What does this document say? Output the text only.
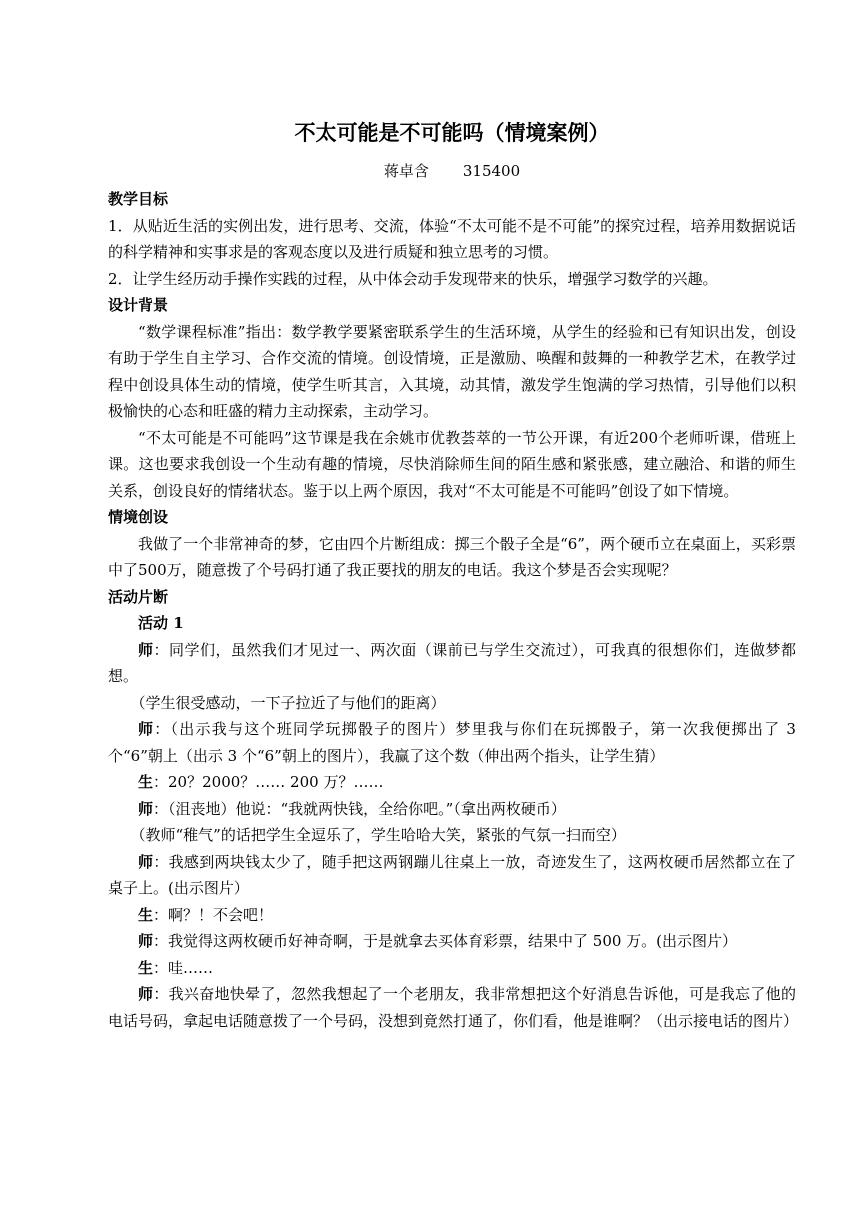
不太可能是不可能吗（情境案例）
蒋卓含 315400
教学目标

1．从贴近生活的实例出发，进行思考、交流，体验“不太可能不是不可能”的探究过程，培养用数据说话的科学精神和实事求是的客观态度以及进行质疑和独立思考的习惯。

2．让学生经历动手操作实践的过程，从中体会动手发现带来的快乐，增强学习数学的兴趣。

设计背景

“数学课程标准”指出：数学教学要紧密联系学生的生活环境，从学生的经验和已有知识出发，创设有助于学生自主学习、合作交流的情境。创设情境，正是激励、唤醒和鼓舞的一种教学艺术，在教学过程中创设具体生动的情境，使学生听其言，入其境，动其情，激发学生饱满的学习热情，引导他们以积极愉快的心态和旺盛的精力主动探索，主动学习。

“不太可能是不可能吗”这节课是我在余姚市优教荟萃的一节公开课，有近200个老师听课，借班上课。这也要求我创设一个生动有趣的情境，尽快消除师生间的陌生感和紧张感，建立融洽、和谐的师生关系，创设良好的情绪状态。鉴于以上两个原因，我对“不太可能是不可能吗”创设了如下情境。

情境创设

我做了一个非常神奇的梦，它由四个片断组成：掷三个骰子全是“6”，两个硬币立在桌面上，买彩票中了500万，随意拨了个号码打通了我正要找的朋友的电话。我这个梦是否会实现呢？

活动片断

活动 1

师：同学们，虽然我们才见过一、两次面（课前已与学生交流过），可我真的很想你们，连做梦都想。

（学生很受感动，一下子拉近了与他们的距离）

师：（出示我与这个班同学玩掷骰子的图片）梦里我与你们在玩掷骰子，第一次我便掷出了 3 个“6”朝上（出示 3 个“6”朝上的图片），我赢了这个数（伸出两个指头，让学生猜）

生：20？2000？…… 200 万？……

师：（沮丧地）他说：“我就两快钱，全给你吧。”（拿出两枚硬币）

（教师“稚气”的话把学生全逗乐了，学生哈哈大笑，紧张的气氛一扫而空）

师：我感到两块钱太少了，随手把这两钢蹦儿往桌上一放，奇迹发生了，这两枚硬币居然都立在了桌子上。(出示图片）

生：啊？！不会吧！

师：我觉得这两枚硬币好神奇啊，于是就拿去买体育彩票，结果中了 500 万。(出示图片）

生：哇……

师：我兴奋地快晕了，忽然我想起了一个老朋友，我非常想把这个好消息告诉他，可是我忘了他的电话号码，拿起电话随意拨了一个号码，没想到竟然打通了，你们看，他是谁啊？（出示接电话的图片）
